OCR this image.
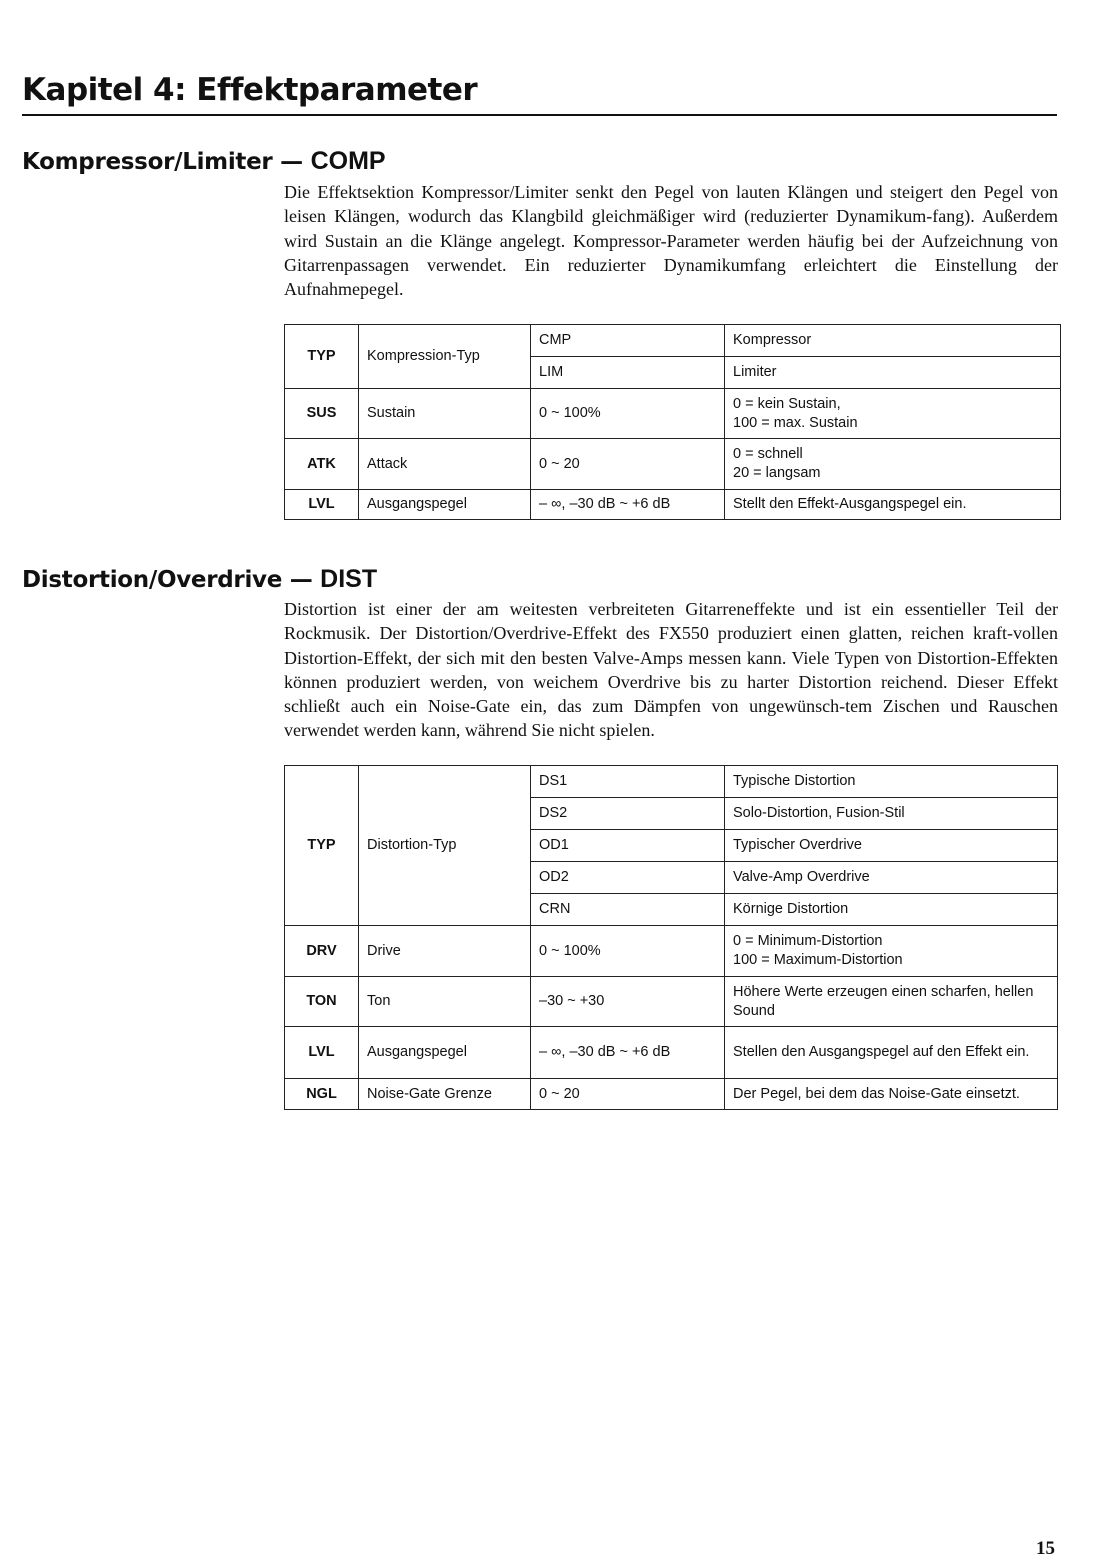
Kapitel 4: Effektparameter
Kompressor/Limiter — COMP

Die Effektsektion Kompressor/Limiter senkt den Pegel von lauten Klängen und steigert den Pegel von leisen Klängen, wodurch das Klangbild gleichmäßiger wird (reduzierter Dynamikum-fang). Außerdem wird Sustain an die Klänge angelegt. Kompressor-Parameter werden häufig bei der Aufzeichnung von Gitarrenpassagen verwendet. Ein reduzierter Dynamikumfang erleichtert die Einstellung der Aufnahmepegel.

TYP	Kompression-Typ	CMP	Kompressor
		LIM	Limiter
SUS	Sustain	0 ~ 100%	0 = kein Sustain,
100 = max. Sustain
ATK	Attack	0 ~ 20	0 = schnell
20 = langsam
LVL	Ausgangspegel	– ∞, –30 dB ~ +6 dB	Stellt den Effekt-Ausgangspegel ein.
Distortion/Overdrive — DIST

Distortion ist einer der am weitesten verbreiteten Gitarreneffekte und ist ein essentieller Teil der Rockmusik. Der Distortion/Overdrive-Effekt des FX550 produziert einen glatten, reichen kraft-vollen Distortion-Effekt, der sich mit den besten Valve-Amps messen kann. Viele Typen von Distortion-Effekten können produziert werden, von weichem Overdrive bis zu harter Distortion reichend. Dieser Effekt schließt auch ein Noise-Gate ein, das zum Dämpfen von ungewünsch-tem Zischen und Rauschen verwendet werden kann, während Sie nicht spielen.

TYP	Distortion-Typ	DS1	Typische Distortion
		DS2	Solo-Distortion, Fusion-Stil
		OD1	Typischer Overdrive
		OD2	Valve-Amp Overdrive
		CRN	Körnige Distortion
DRV	Drive	0 ~ 100%	0 = Minimum-Distortion
100 = Maximum-Distortion
TON	Ton	–30 ~ +30	Höhere Werte erzeugen einen scharfen, hellen Sound
LVL	Ausgangspegel	– ∞, –30 dB ~ +6 dB	Stellen den Ausgangspegel auf den Effekt ein.
NGL	Noise-Gate Grenze	0 ~ 20	Der Pegel, bei dem das Noise-Gate einsetzt.
15
